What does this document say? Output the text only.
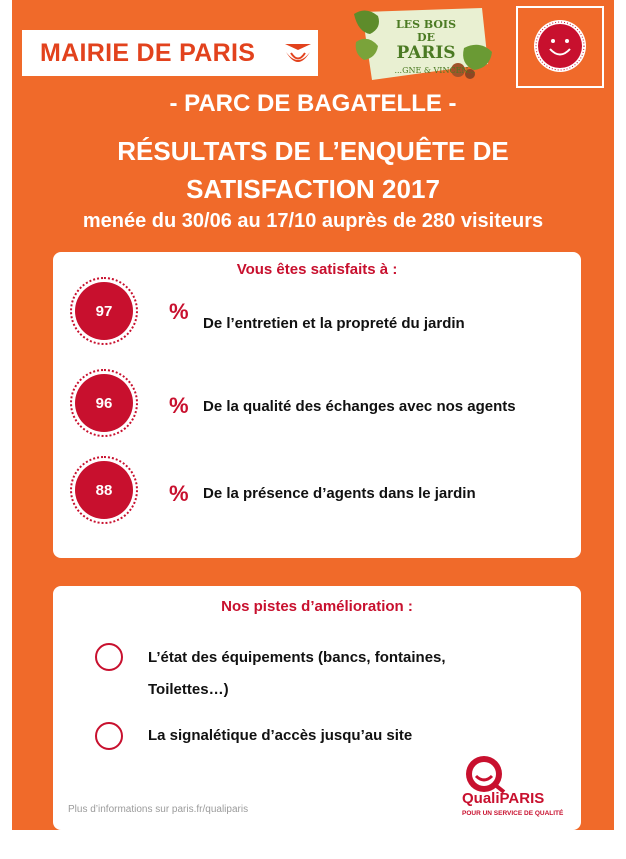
MAIRIE DE PARIS
LES BOIS DE
PARIS
...GNE & VINCEN...
- PARC DE BAGATELLE -
RÉSULTATS DE L’ENQUÊTE DE
SATISFACTION 2017
menée du 30/06 au 17/10 auprès de 280 visiteurs
Vous êtes satisfaits à :
97	% De l’entretien et la propreté du jardin
96	% De la qualité des échanges avec nos agents
88	% De la présence d’agents dans le jardin
Nos pistes d’amélioration :
L’état des équipements (bancs, fontaines,
Toilettes…)
La signalétique d’accès jusqu’au site
Plus d’informations sur paris.fr/qualiparis
QualiPARIS
POUR UN SERVICE DE QUALITÉ
